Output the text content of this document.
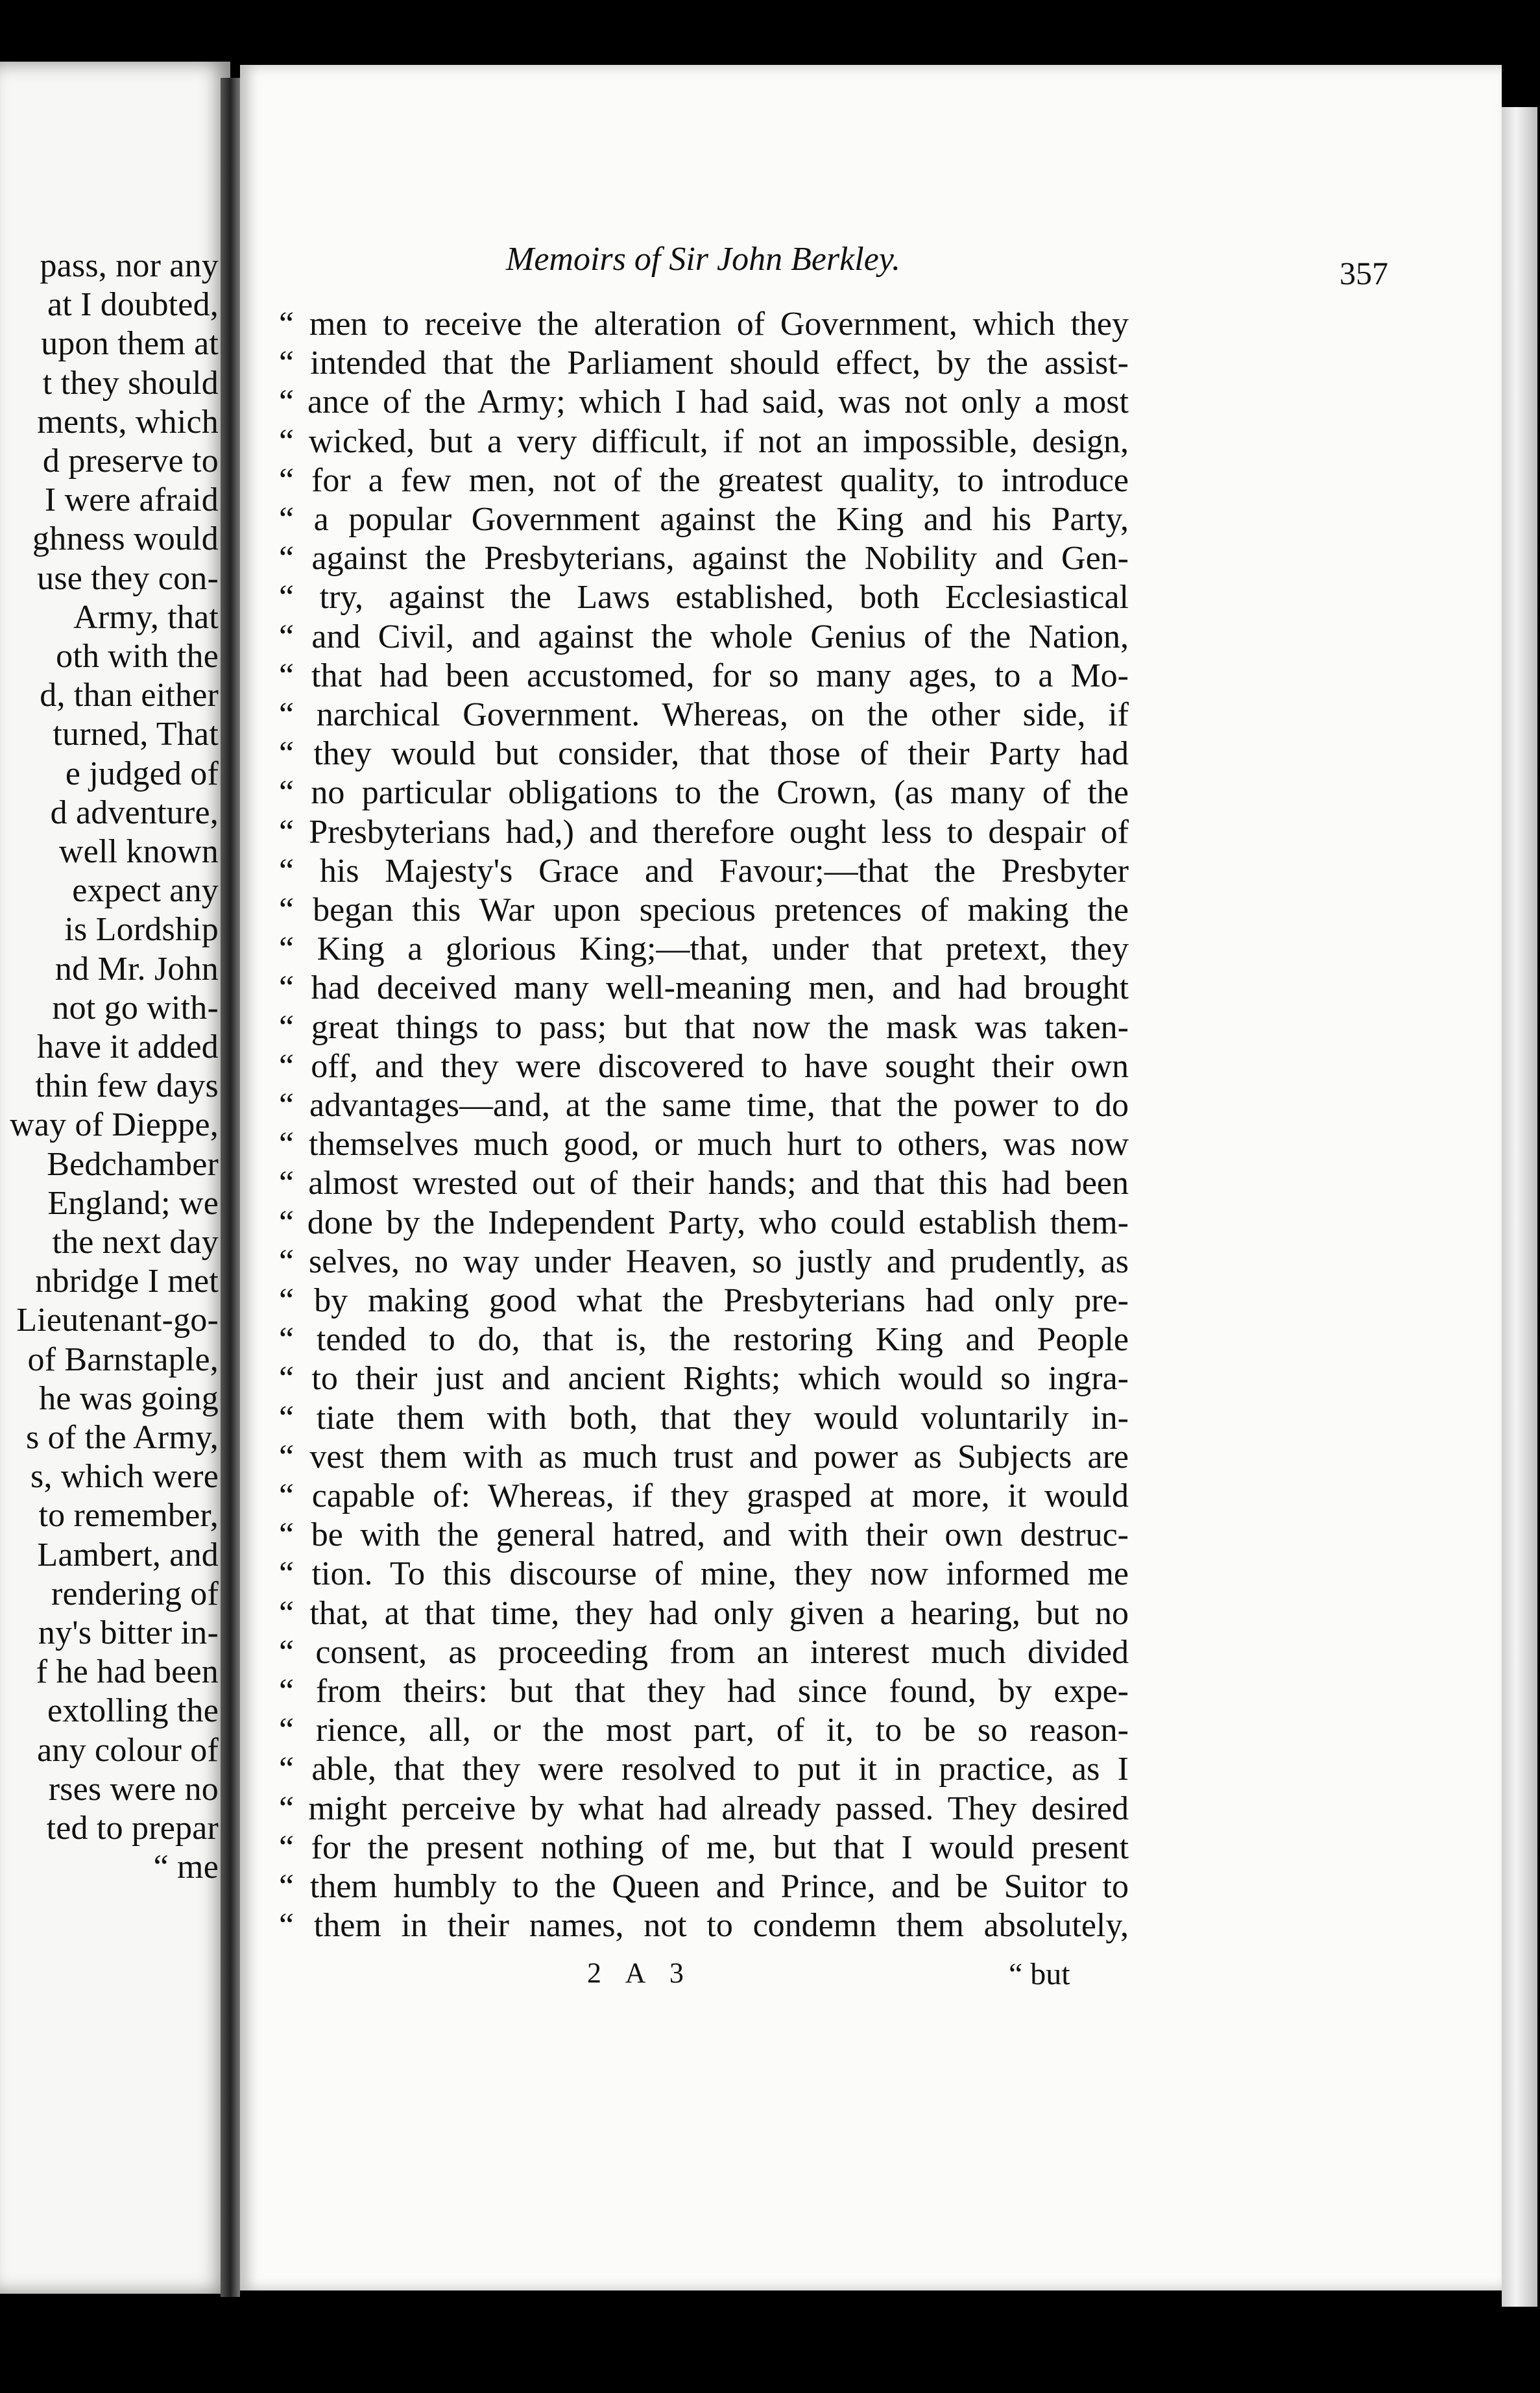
pass, nor any
at I doubted,
upon them at
t they should
ments, which
d preserve to
I were afraid
ghness would
use they con-
Army, that
oth with the
d, than either
turned, That
e judged of
d adventure,
well known
expect any
is Lordship
nd Mr. John
not go with-
have it added
thin few days
way of Dieppe,
Bedchamber
England; we
the next day
nbridge I met
Lieutenant-go-
of Barnstaple,
he was going
s of the Army,
s, which were
to remember,
Lambert, and
rendering of
ny's bitter in-
f he had been
extolling the
any colour of
rses were no
ted to prepar
“ me
Memoirs of Sir John Berkley.	357
“ men to receive the alteration of Government, which they
“ intended that the Parliament should effect, by the assist-
“ ance of the Army; which I had said, was not only a most
“ wicked, but a very difficult, if not an impossible, design,
“ for a few men, not of the greatest quality, to introduce
“ a popular Government against the King and his Party,
“ against the Presbyterians, against the Nobility and Gen-
“ try, against the Laws established, both Ecclesiastical
“ and Civil, and against the whole Genius of the Nation,
“ that had been accustomed, for so many ages, to a Mo-
“ narchical Government. Whereas, on the other side, if
“ they would but consider, that those of their Party had
“ no particular obligations to the Crown, (as many of the
“ Presbyterians had,) and therefore ought less to despair of
“ his Majesty's Grace and Favour;—that the Presbyter
“ began this War upon specious pretences of making the
“ King a glorious King;—that, under that pretext, they
“ had deceived many well-meaning men, and had brought
“ great things to pass; but that now the mask was taken-
“ off, and they were discovered to have sought their own
“ advantages—and, at the same time, that the power to do
“ themselves much good, or much hurt to others, was now
“ almost wrested out of their hands; and that this had been
“ done by the Independent Party, who could establish them-
“ selves, no way under Heaven, so justly and prudently, as
“ by making good what the Presbyterians had only pre-
“ tended to do, that is, the restoring King and People
“ to their just and ancient Rights; which would so ingra-
“ tiate them with both, that they would voluntarily in-
“ vest them with as much trust and power as Subjects are
“ capable of: Whereas, if they grasped at more, it would
“ be with the general hatred, and with their own destruc-
“ tion. To this discourse of mine, they now informed me
“ that, at that time, they had only given a hearing, but no
“ consent, as proceeding from an interest much divided
“ from theirs: but that they had since found, by expe-
“ rience, all, or the most part, of it, to be so reason-
“ able, that they were resolved to put it in practice, as I
“ might perceive by what had already passed. They desired
“ for the present nothing of me, but that I would present
“ them humbly to the Queen and Prince, and be Suitor to
“ them in their names, not to condemn them absolutely,
2 A 3	“ but
